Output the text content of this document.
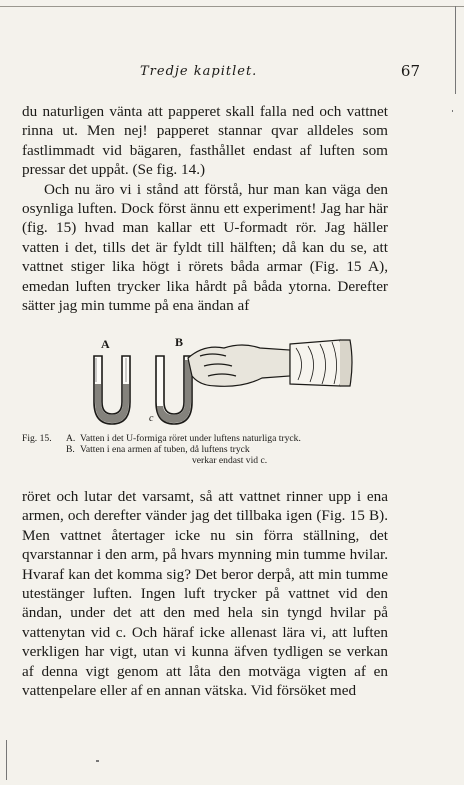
Tredje kapitlet.	67

du naturligen vänta att papperet skall falla ned och vattnet rinna ut. Men nej! papperet stannar qvar alldeles som fastlimmadt vid bägaren, fasthållet endast af luften som pressar det uppåt. (Se fig. 14.)
Och nu äro vi i stånd att förstå, hur man kan väga den osynliga luften. Dock först ännu ett experiment! Jag har här (fig. 15) hvad man kallar ett U-formadt rör. Jag häller vatten i det, tills det är fyldt till hälften; då kan du se, att vattnet stiger lika högt i rörets båda armar (Fig. 15 A), emedan luften trycker lika hårdt på båda ytorna. Derefter sätter jag min tumme på ena ändan af

A	B
c
Fig. 15. A. Vatten i det U-formiga röret under luftens naturliga tryck.
B. Vatten i ena armen af tuben, då luftens tryck
verkar endast vid c.

röret och lutar det varsamt, så att vattnet rinner upp i ena armen, och derefter vänder jag det tillbaka igen (Fig. 15 B). Men vattnet återtager icke nu sin förra ställning, det qvarstannar i den arm, på hvars mynning min tumme hvilar. Hvaraf kan det komma sig? Det beror derpå, att min tumme utestänger luften. Ingen luft trycker på vattnet vid den ändan, under det att den med hela sin tyngd hvilar på vattenytan vid c. Och häraf icke allenast lära vi, att luften verkligen har vigt, utan vi kunna äfven tydligen se verkan af denna vigt genom att låta den motväga vigten af en vattenpelare eller af en annan vätska. Vid försöket med
